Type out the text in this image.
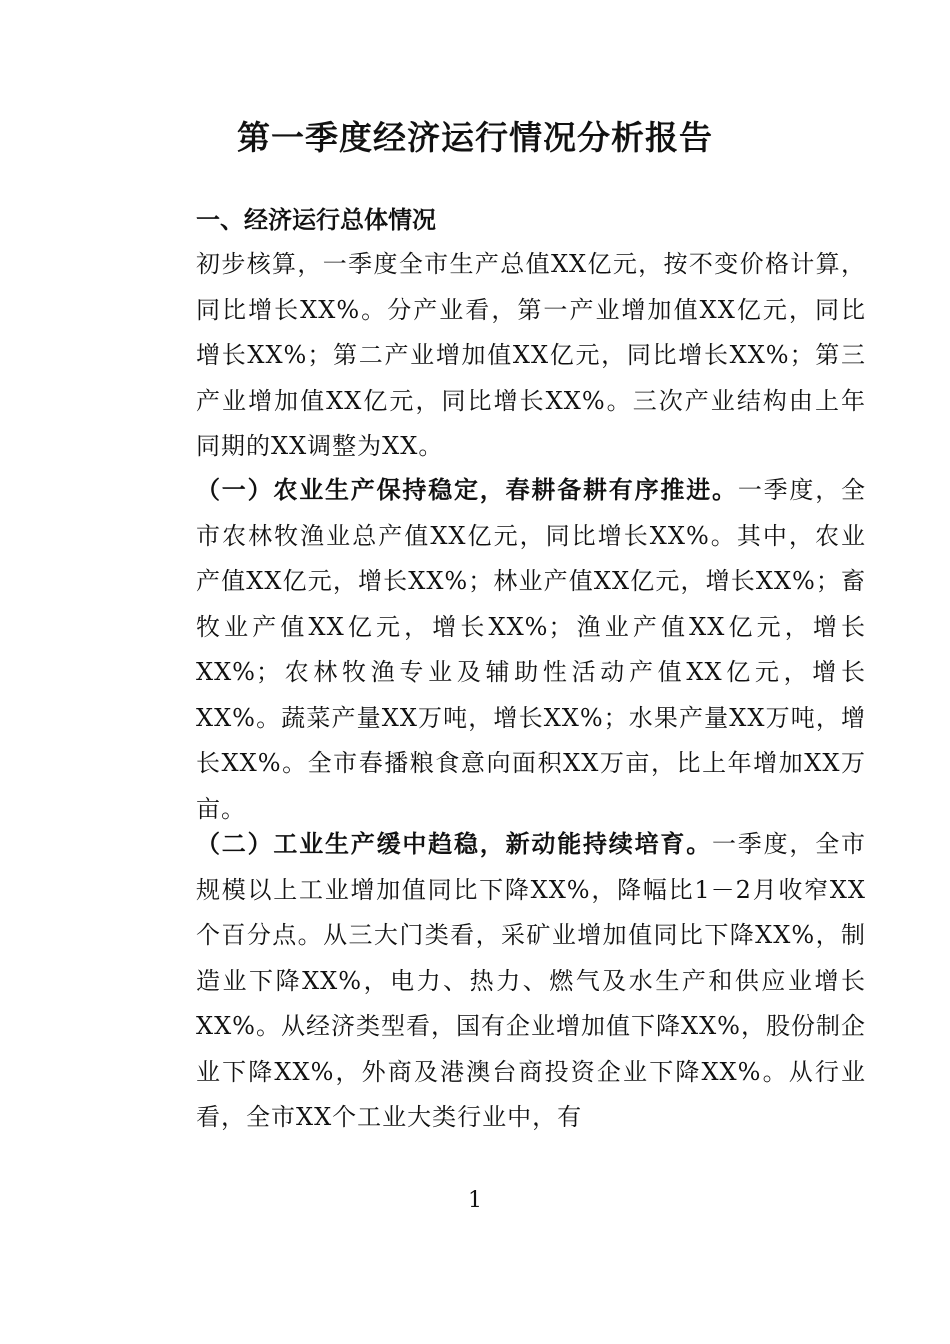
第一季度经济运行情况分析报告
一、经济运行总体情况

初步核算，一季度全市生产总值XX亿元，按不变价格计算，同比增长XX%。分产业看，第一产业增加值XX亿元，同比增长XX%；第二产业增加值XX亿元，同比增长XX%；第三产业增加值XX亿元，同比增长XX%。三次产业结构由上年同期的XX调整为XX。

（一）农业生产保持稳定，春耕备耕有序推进。一季度，全市农林牧渔业总产值XX亿元，同比增长XX%。其中，农业产值XX亿元，增长XX%；林业产值XX亿元，增长XX%；畜牧业产值XX亿元，增长XX%；渔业产值XX亿元，增长XX%；农林牧渔专业及辅助性活动产值XX亿元，增长XX%。蔬菜产量XX万吨，增长XX%；水果产量XX万吨，增长XX%。全市春播粮食意向面积XX万亩，比上年增加XX万亩。

（二）工业生产缓中趋稳，新动能持续培育。一季度，全市规模以上工业增加值同比下降XX%，降幅比1－2月收窄XX个百分点。从三大门类看，采矿业增加值同比下降XX%，制造业下降XX%，电力、热力、燃气及水生产和供应业增长XX%。从经济类型看，国有企业增加值下降XX%，股份制企业下降XX%，外商及港澳台商投资企业下降XX%。从行业看，全市XX个工业大类行业中，有

1
